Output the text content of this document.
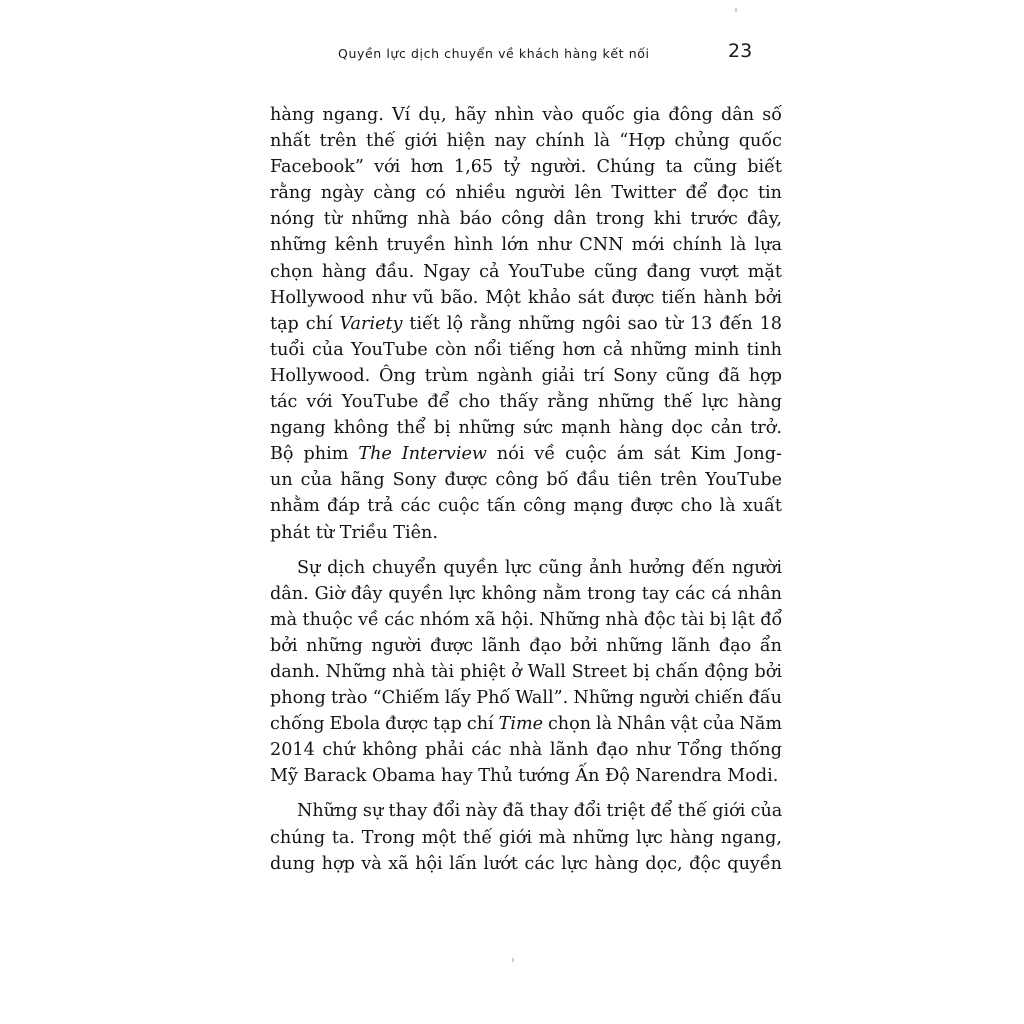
Quyền lực dịch chuyển về khách hàng kết nối	23
hàng ngang. Ví dụ, hãy nhìn vào quốc gia đông dân số
nhất trên thế giới hiện nay chính là “Hợp chủng quốc
Facebook” với hơn 1,65 tỷ người. Chúng ta cũng biết
rằng ngày càng có nhiều người lên Twitter để đọc tin
nóng từ những nhà báo công dân trong khi trước đây,
những kênh truyền hình lớn như CNN mới chính là lựa
chọn hàng đầu. Ngay cả YouTube cũng đang vượt mặt
Hollywood như vũ bão. Một khảo sát được tiến hành bởi
tạp chí Variety tiết lộ rằng những ngôi sao từ 13 đến 18
tuổi của YouTube còn nổi tiếng hơn cả những minh tinh
Hollywood. Ông trùm ngành giải trí Sony cũng đã hợp
tác với YouTube để cho thấy rằng những thế lực hàng
ngang không thể bị những sức mạnh hàng dọc cản trở.
Bộ phim The Interview nói về cuộc ám sát Kim Jong-
un của hãng Sony được công bố đầu tiên trên YouTube
nhằm đáp trả các cuộc tấn công mạng được cho là xuất
phát từ Triều Tiên.
Sự dịch chuyển quyền lực cũng ảnh hưởng đến người
dân. Giờ đây quyền lực không nằm trong tay các cá nhân
mà thuộc về các nhóm xã hội. Những nhà độc tài bị lật đổ
bởi những người được lãnh đạo bởi những lãnh đạo ẩn
danh. Những nhà tài phiệt ở Wall Street bị chấn động bởi
phong trào “Chiếm lấy Phố Wall”. Những người chiến đấu
chống Ebola được tạp chí Time chọn là Nhân vật của Năm
2014 chứ không phải các nhà lãnh đạo như Tổng thống
Mỹ Barack Obama hay Thủ tướng Ấn Độ Narendra Modi.
Những sự thay đổi này đã thay đổi triệt để thế giới của
chúng ta. Trong một thế giới mà những lực hàng ngang,
dung hợp và xã hội lấn lướt các lực hàng dọc, độc quyền
